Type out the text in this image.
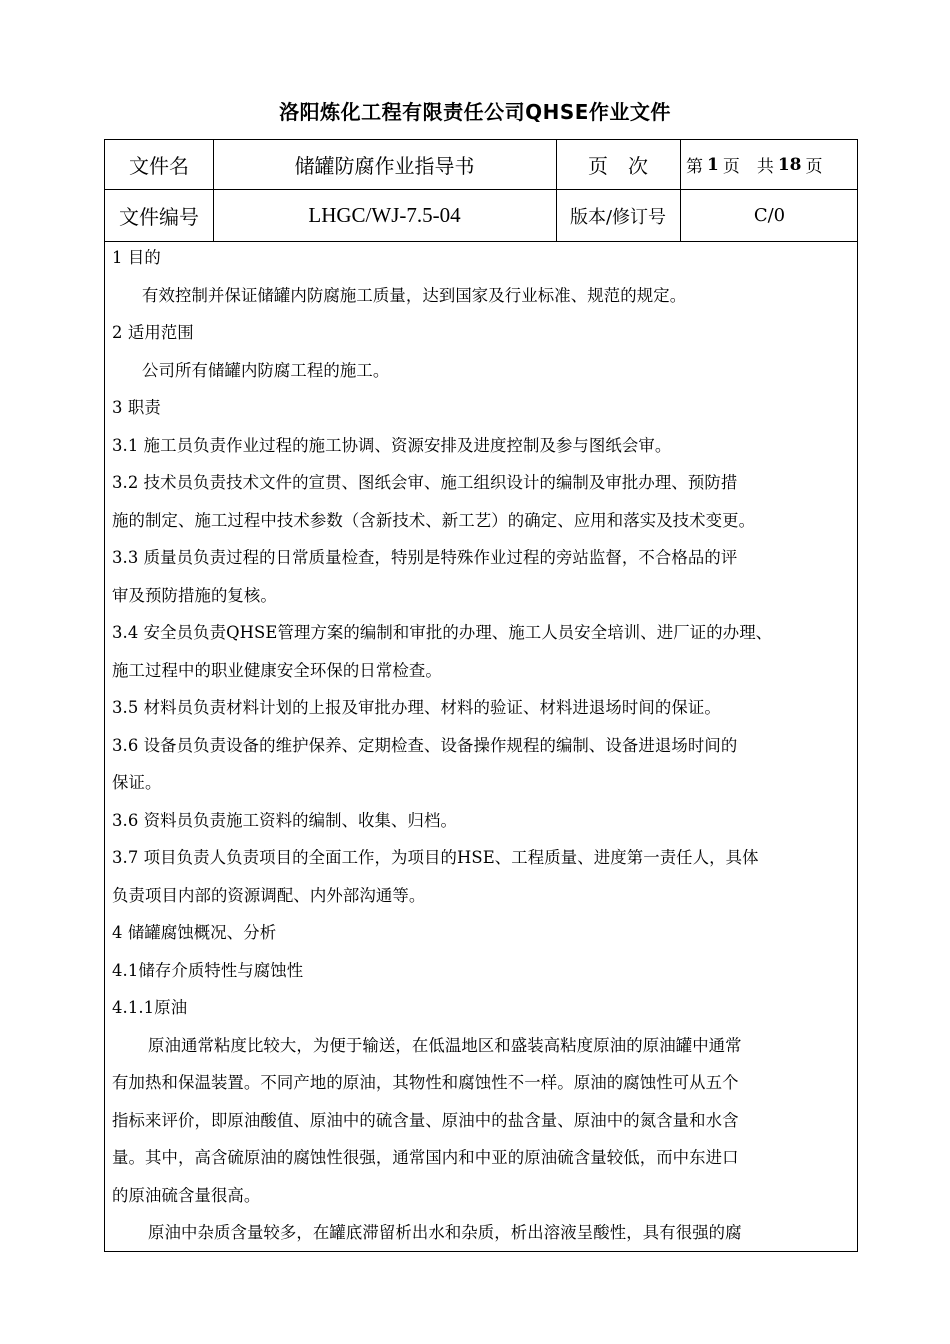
洛阳炼化工程有限责任公司QHSE作业文件
文件名	储罐防腐作业指导书	页　次	第 1 页　共 18 页
文件编号	LHGC/WJ-7.5-04	版本/修订号	C/0

1 目的

有效控制并保证储罐内防腐施工质量，达到国家及行业标准、规范的规定。

2 适用范围

公司所有储罐内防腐工程的施工。

3 职责

3.1 施工员负责作业过程的施工协调、资源安排及进度控制及参与图纸会审。

3.2 技术员负责技术文件的宣贯、图纸会审、施工组织设计的编制及审批办理、预防措

施的制定、施工过程中技术参数（含新技术、新工艺）的确定、应用和落实及技术变更。

3.3 质量员负责过程的日常质量检查，特别是特殊作业过程的旁站监督，不合格品的评

审及预防措施的复核。

3.4 安全员负责QHSE管理方案的编制和审批的办理、施工人员安全培训、进厂证的办理、

施工过程中的职业健康安全环保的日常检查。

3.5 材料员负责材料计划的上报及审批办理、材料的验证、材料进退场时间的保证。

3.6 设备员负责设备的维护保养、定期检查、设备操作规程的编制、设备进退场时间的

保证。

3.6 资料员负责施工资料的编制、收集、归档。

3.7 项目负责人负责项目的全面工作，为项目的HSE、工程质量、进度第一责任人，具体

负责项目内部的资源调配、内外部沟通等。

4 储罐腐蚀概况、分析

4.1储存介质特性与腐蚀性

4.1.1原油

原油通常粘度比较大，为便于输送，在低温地区和盛装高粘度原油的原油罐中通常

有加热和保温装置。不同产地的原油，其物性和腐蚀性不一样。原油的腐蚀性可从五个

指标来评价，即原油酸值、原油中的硫含量、原油中的盐含量、原油中的氮含量和水含

量。其中，高含硫原油的腐蚀性很强，通常国内和中亚的原油硫含量较低，而中东进口

的原油硫含量很高。

原油中杂质含量较多，在罐底滞留析出水和杂质，析出溶液呈酸性，具有很强的腐
